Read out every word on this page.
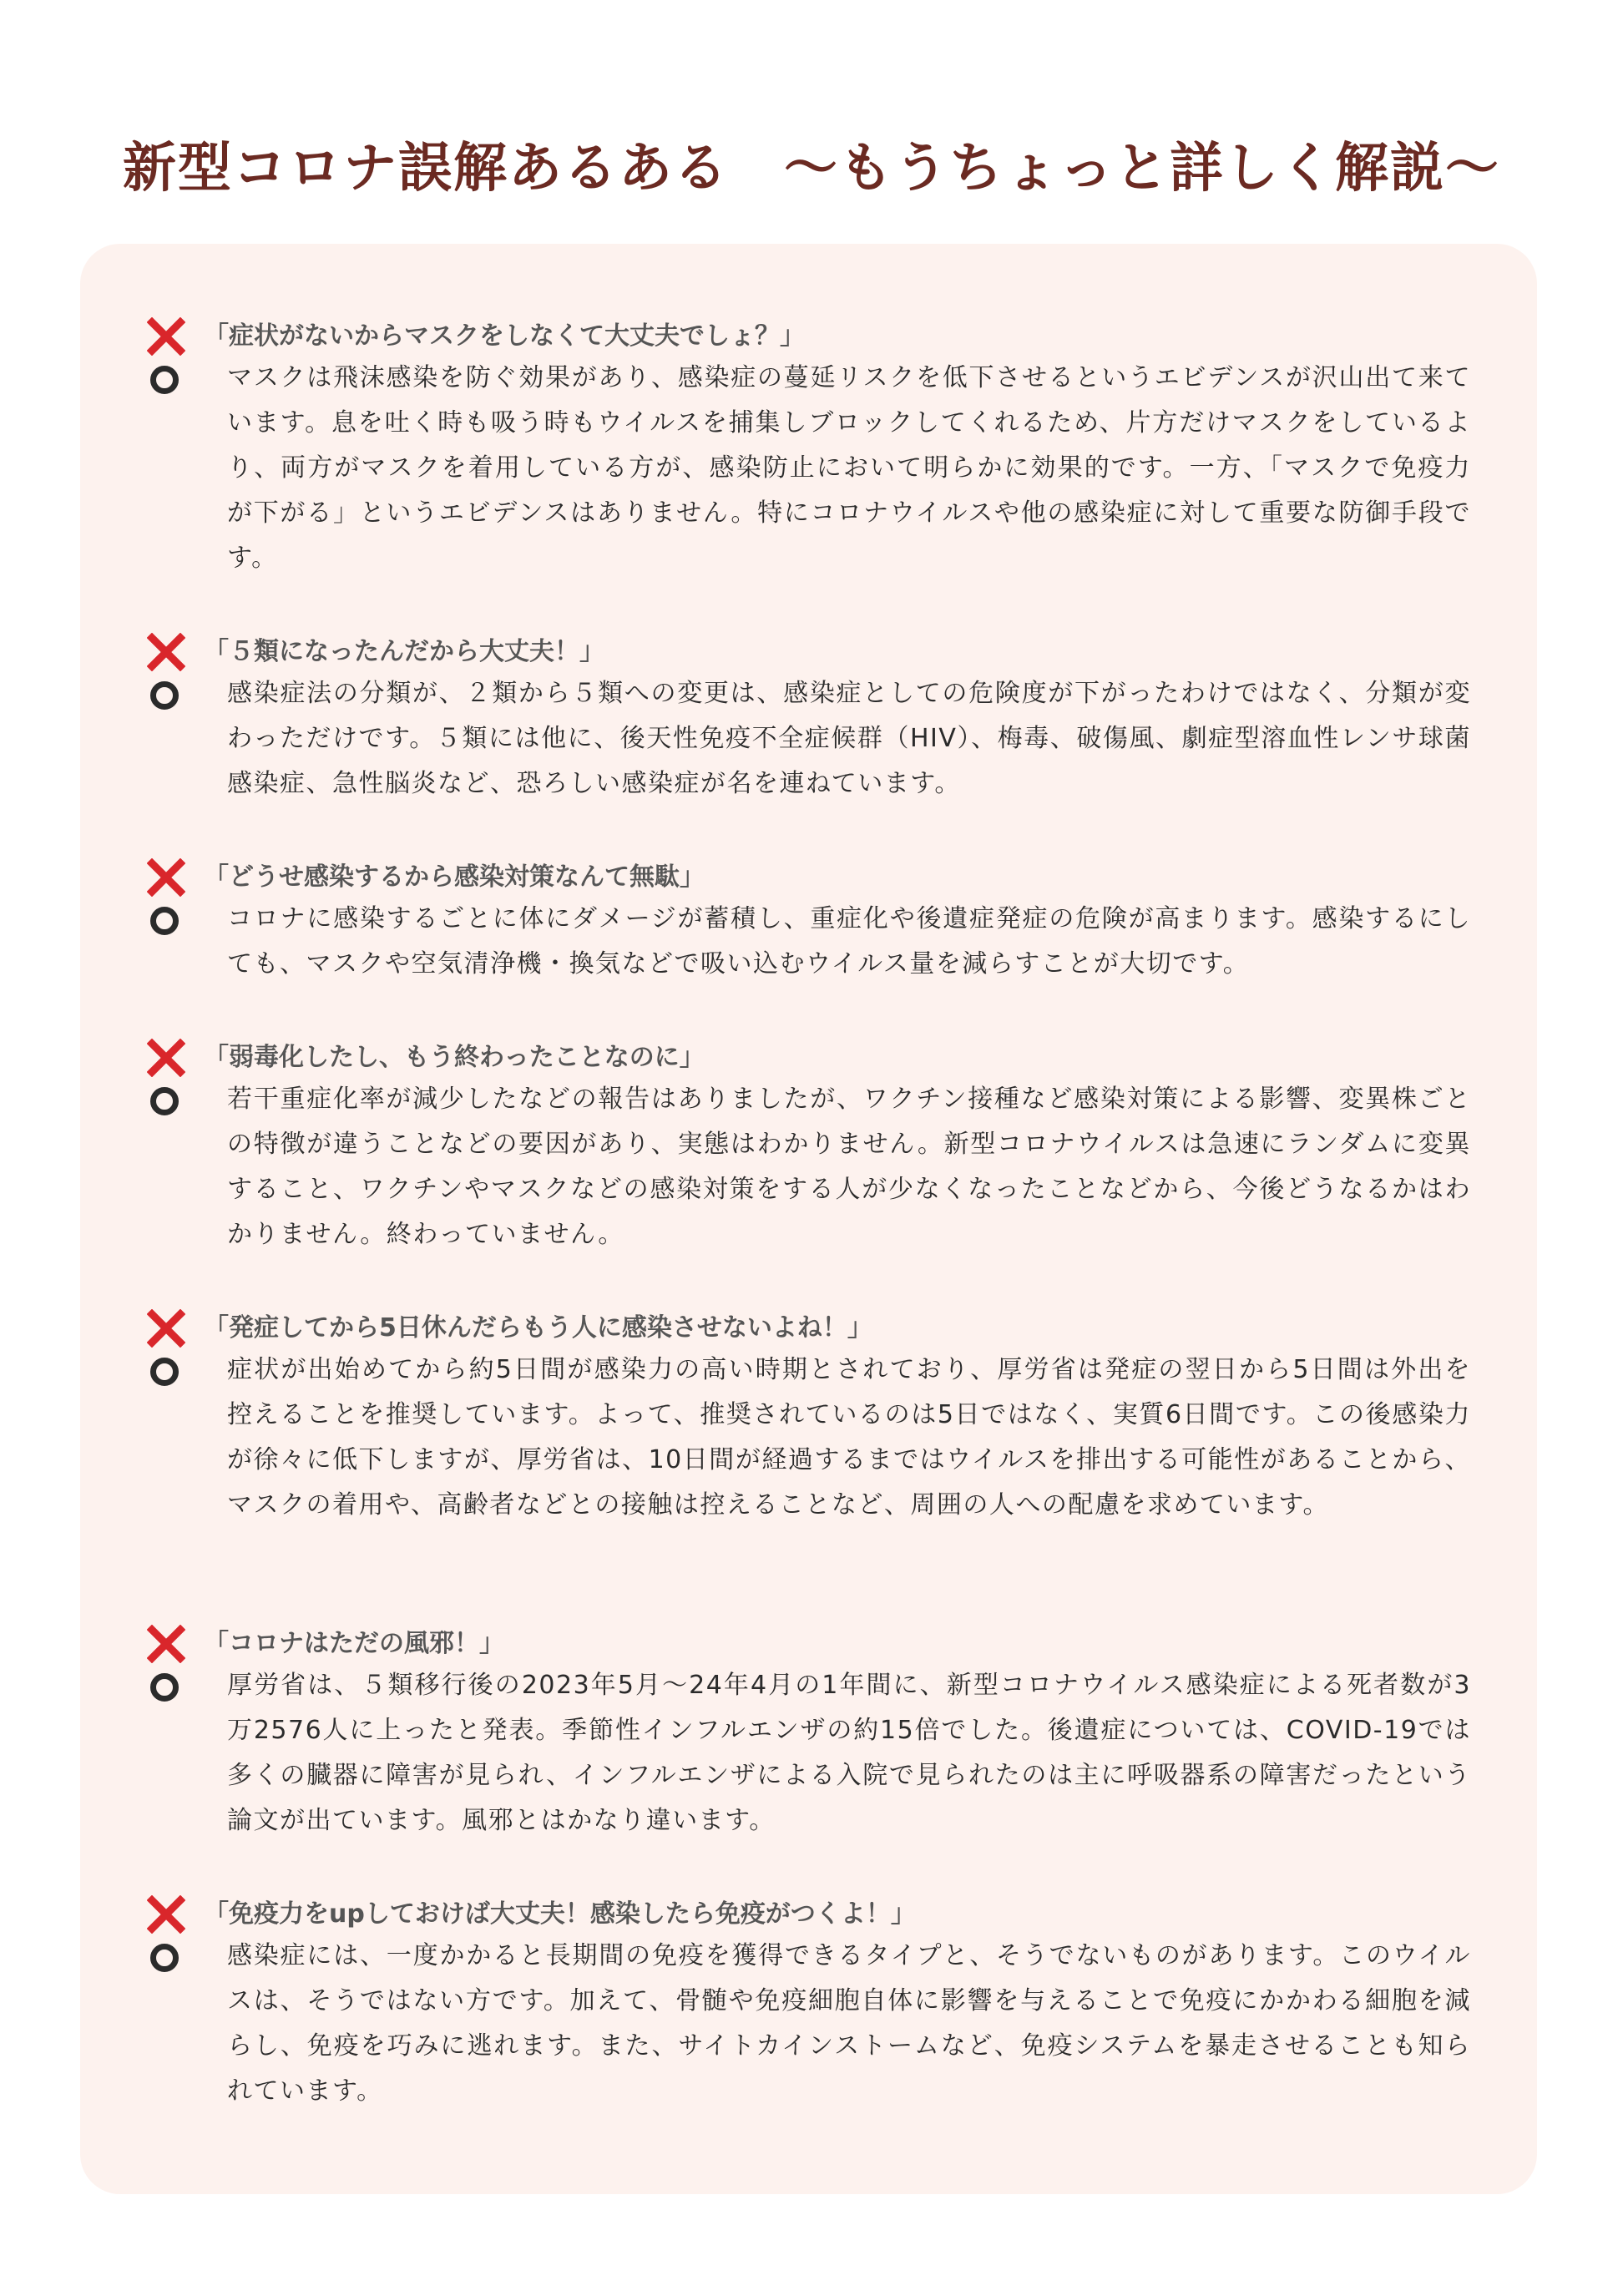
新型コロナ誤解あるある　〜もうちょっと詳しく解説〜
「症状がないからマスクをしなくて大丈夫でしょ？」
マスクは飛沫感染を防ぐ効果があり、感染症の蔓延リスクを低下させるというエビデンスが沢山出て来ています。息を吐く時も吸う時もウイルスを捕集しブロックしてくれるため、片方だけマスクをしているより、両方がマスクを着用している方が、感染防止において明らかに効果的です。一方、「マスクで免疫力が下がる」というエビデンスはありません。特にコロナウイルスや他の感染症に対して重要な防御手段です。
「５類になったんだから大丈夫！」
感染症法の分類が、２類から５類への変更は、感染症としての危険度が下がったわけではなく、分類が変わっただけです。５類には他に、後天性免疫不全症候群（HIV）、梅毒、破傷風、劇症型溶血性レンサ球菌感染症、急性脳炎など、恐ろしい感染症が名を連ねています。
「どうせ感染するから感染対策なんて無駄」
コロナに感染するごとに体にダメージが蓄積し、重症化や後遺症発症の危険が高まります。感染するにしても、マスクや空気清浄機・換気などで吸い込むウイルス量を減らすことが大切です。
「弱毒化したし、もう終わったことなのに」
若干重症化率が減少したなどの報告はありましたが、ワクチン接種など感染対策による影響、変異株ごとの特徴が違うことなどの要因があり、実態はわかりません。新型コロナウイルスは急速にランダムに変異すること、ワクチンやマスクなどの感染対策をする人が少なくなったことなどから、今後どうなるかはわかりません。終わっていません。
「発症してから5日休んだらもう人に感染させないよね！」
症状が出始めてから約5日間が感染力の高い時期とされており、厚労省は発症の翌日から5日間は外出を控えることを推奨しています。よって、推奨されているのは5日ではなく、実質6日間です。この後感染力が徐々に低下しますが、厚労省は、10日間が経過するまではウイルスを排出する可能性があることから、マスクの着用や、高齢者などとの接触は控えることなど、周囲の人への配慮を求めています。
「コロナはただの風邪！」
厚労省は、５類移行後の2023年5月〜24年4月の1年間に、新型コロナウイルス感染症による死者数が3万2576人に上ったと発表。季節性インフルエンザの約15倍でした。後遺症については、COVID-19では多くの臓器に障害が見られ、インフルエンザによる入院で見られたのは主に呼吸器系の障害だったという論文が出ています。風邪とはかなり違います。
「免疫力をupしておけば大丈夫！感染したら免疫がつくよ！」
感染症には、一度かかると長期間の免疫を獲得できるタイプと、そうでないものがあります。このウイルスは、そうではない方です。加えて、骨髄や免疫細胞自体に影響を与えることで免疫にかかわる細胞を減らし、免疫を巧みに逃れます。また、サイトカインストームなど、免疫システムを暴走させることも知られています。
